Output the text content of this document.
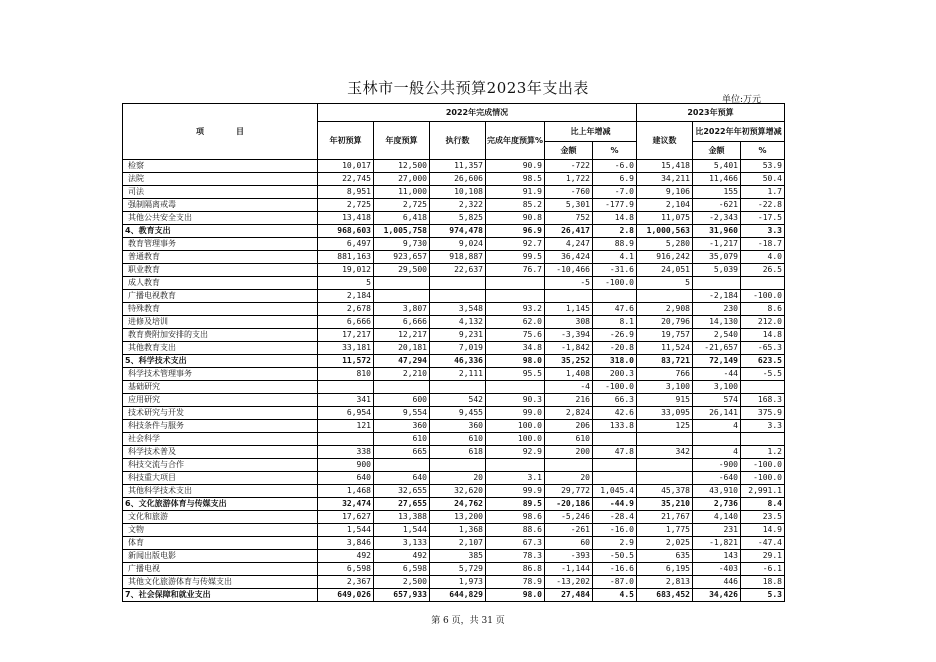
玉林市一般公共预算2023年支出表
单位:万元
项　　　　目	2022年完成情况						2023年预算		
	年初预算	年度预算	执行数	完成年度预算%	比上年增减		建议数	比2022年年初预算增减	
					金额	%		金额	%
检察	10,017	12,500	11,357	90.9	-722	-6.0	15,418	5,401	53.9
法院	22,745	27,000	26,606	98.5	1,722	6.9	34,211	11,466	50.4
司法	8,951	11,000	10,108	91.9	-760	-7.0	9,106	155	1.7
强制隔离戒毒	2,725	2,725	2,322	85.2	5,301	-177.9	2,104	-621	-22.8
其他公共安全支出	13,418	6,418	5,825	90.8	752	14.8	11,075	-2,343	-17.5
4、教育支出	968,603	1,005,758	974,478	96.9	26,417	2.8	1,000,563	31,960	3.3
教育管理事务	6,497	9,730	9,024	92.7	4,247	88.9	5,280	-1,217	-18.7
普通教育	881,163	923,657	918,887	99.5	36,424	4.1	916,242	35,079	4.0
职业教育	19,012	29,500	22,637	76.7	-10,466	-31.6	24,051	5,039	26.5
成人教育	5				-5	-100.0	5		
广播电视教育	2,184							-2,184	-100.0
特殊教育	2,678	3,807	3,548	93.2	1,145	47.6	2,908	230	8.6
进修及培训	6,666	6,666	4,132	62.0	308	8.1	20,796	14,130	212.0
教育费附加安排的支出	17,217	12,217	9,231	75.6	-3,394	-26.9	19,757	2,540	14.8
其他教育支出	33,181	20,181	7,019	34.8	-1,842	-20.8	11,524	-21,657	-65.3
5、科学技术支出	11,572	47,294	46,336	98.0	35,252	318.0	83,721	72,149	623.5
科学技术管理事务	810	2,210	2,111	95.5	1,408	200.3	766	-44	-5.5
基础研究					-4	-100.0	3,100	3,100	
应用研究	341	600	542	90.3	216	66.3	915	574	168.3
技术研究与开发	6,954	9,554	9,455	99.0	2,824	42.6	33,095	26,141	375.9
科技条件与服务	121	360	360	100.0	206	133.8	125	4	3.3
社会科学		610	610	100.0	610				
科学技术普及	338	665	618	92.9	200	47.8	342	4	1.2
科技交流与合作	900							-900	-100.0
科技重大项目	640	640	20	3.1	20			-640	-100.0
其他科学技术支出	1,468	32,655	32,620	99.9	29,772	1,045.4	45,378	43,910	2,991.1
6、文化旅游体育与传媒支出	32,474	27,655	24,762	89.5	-20,186	-44.9	35,210	2,736	8.4
文化和旅游	17,627	13,388	13,200	98.6	-5,246	-28.4	21,767	4,140	23.5
文物	1,544	1,544	1,368	88.6	-261	-16.0	1,775	231	14.9
体育	3,846	3,133	2,107	67.3	60	2.9	2,025	-1,821	-47.4
新闻出版电影	492	492	385	78.3	-393	-50.5	635	143	29.1
广播电视	6,598	6,598	5,729	86.8	-1,144	-16.6	6,195	-403	-6.1
其他文化旅游体育与传媒支出	2,367	2,500	1,973	78.9	-13,202	-87.0	2,813	446	18.8
7、社会保障和就业支出	649,026	657,933	644,829	98.0	27,484	4.5	683,452	34,426	5.3
第 6 页，共 31 页
